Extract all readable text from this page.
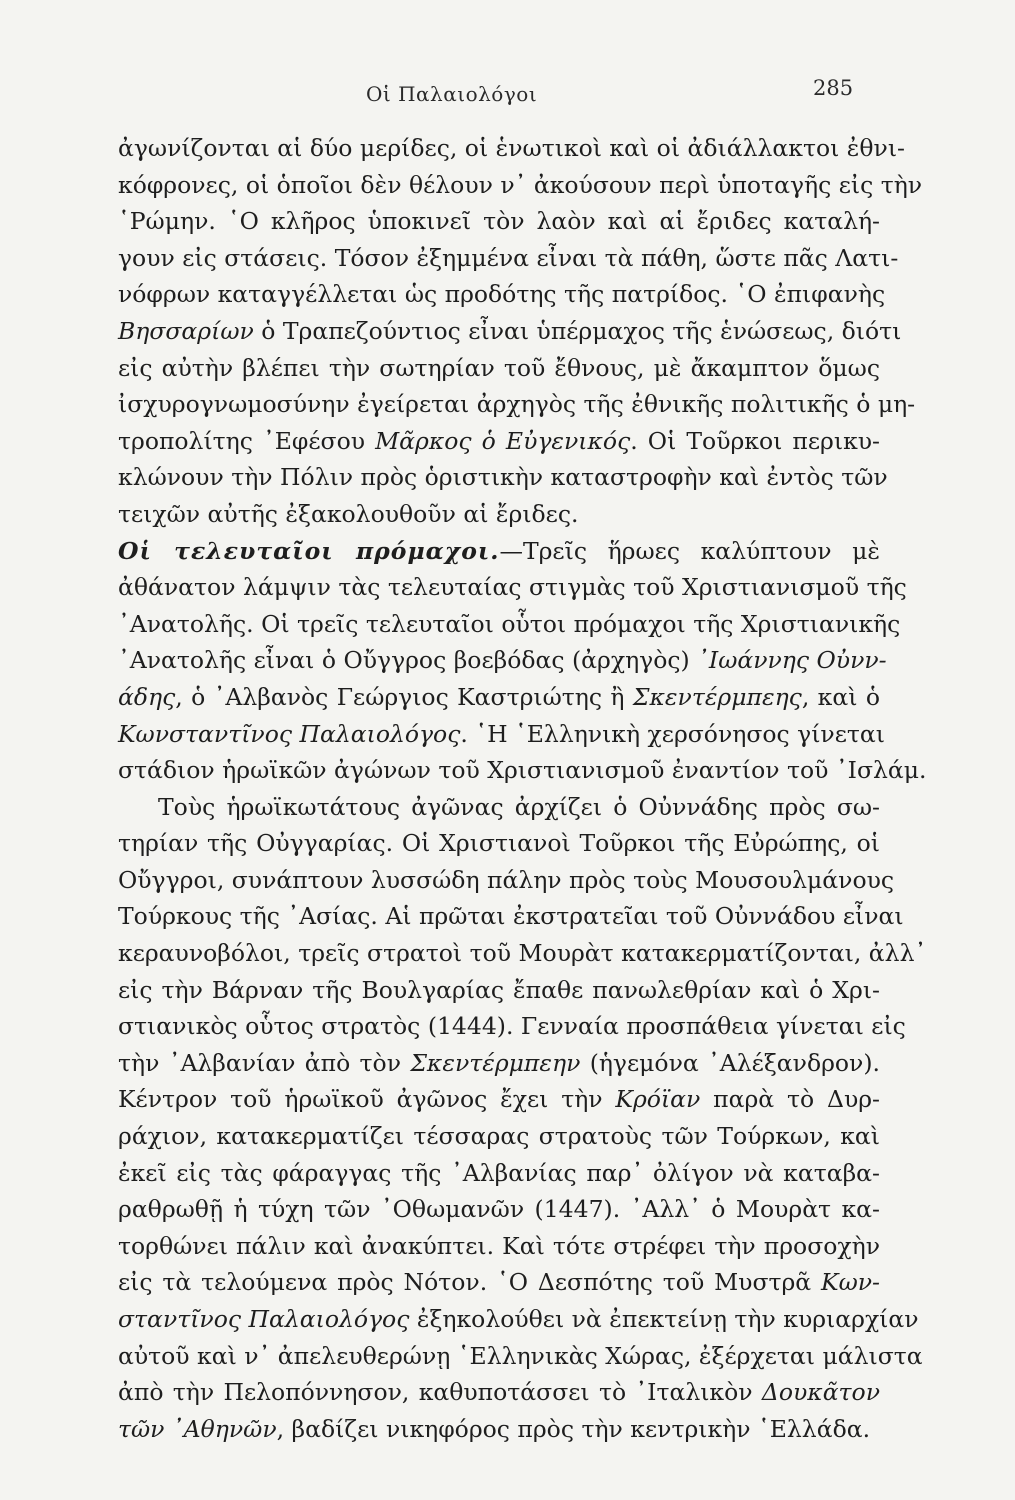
Οἱ Παλαιολόγοι	285
ἀγωνίζονται αἱ δύο μερίδες, οἱ ἑνωτικοὶ καὶ οἱ ἀδιάλλακτοι ἐθνι-
κόφρονες, οἱ ὁποῖοι δὲν θέλουν ν᾽ ἀκούσουν περὶ ὑποταγῆς εἰς τὴν
῾Ρώμην. ῾Ο κλῆρος ὑποκινεῖ τὸν λαὸν καὶ αἱ ἔριδες καταλή-
γουν εἰς στάσεις. Τόσον ἐξημμένα εἶναι τὰ πάθη, ὥστε πᾶς Λατι-
νόφρων καταγγέλλεται ὡς προδότης τῆς πατρίδος. ῾Ο ἐπιφανὴς
Βησσαρίων ὁ Τραπεζούντιος εἶναι ὑπέρμαχος τῆς ἑνώσεως, διότι
εἰς αὐτὴν βλέπει τὴν σωτηρίαν τοῦ ἔθνους, μὲ ἄκαμπτον ὅμως
ἰσχυρογνωμοσύνην ἐγείρεται ἀρχηγὸς τῆς ἐθνικῆς πολιτικῆς ὁ μη-
τροπολίτης ᾿Εφέσου Μᾶρκος ὁ Εὐγενικός. Οἱ Τοῦρκοι περικυ-
κλώνουν τὴν Πόλιν πρὸς ὁριστικὴν καταστροφὴν καὶ ἐντὸς τῶν
τειχῶν αὐτῆς ἐξακολουθοῦν αἱ ἔριδες.
Οἱ τελευταῖοι πρόμαχοι.—Τρεῖς ἥρωες καλύπτουν μὲ
ἀθάνατον λάμψιν τὰς τελευταίας στιγμὰς τοῦ Χριστιανισμοῦ τῆς
᾿Ανατολῆς. Οἱ τρεῖς τελευταῖοι οὗτοι πρόμαχοι τῆς Χριστιανικῆς
᾿Ανατολῆς εἶναι ὁ Οὔγγρος βοεβόδας (ἀρχηγὸς) ᾿Ιωάννης Οὐνν-
άδης, ὁ ᾿Αλβανὸς Γεώργιος Καστριώτης ἢ Σκεντέρμπεης, καὶ ὁ
Κωνσταντῖνος Παλαιολόγος. ῾Η ῾Ελληνικὴ χερσόνησος γίνεται
στάδιον ἡρωϊκῶν ἀγώνων τοῦ Χριστιανισμοῦ ἐναντίον τοῦ ᾿Ισλάμ.
Τοὺς ἡρωϊκωτάτους ἀγῶνας ἀρχίζει ὁ Οὐννάδης πρὸς σω-
τηρίαν τῆς Οὐγγαρίας. Οἱ Χριστιανοὶ Τοῦρκοι τῆς Εὐρώπης, οἱ
Οὔγγροι, συνάπτουν λυσσώδη πάλην πρὸς τοὺς Μουσουλμάνους
Τούρκους τῆς ᾿Ασίας. Αἱ πρῶται ἐκστρατεῖαι τοῦ Οὐννάδου εἶναι
κεραυνοβόλοι, τρεῖς στρατοὶ τοῦ Μουρὰτ κατακερματίζονται, ἀλλ᾽
εἰς τὴν Βάρναν τῆς Βουλγαρίας ἔπαθε πανωλεθρίαν καὶ ὁ Χρι-
στιανικὸς οὗτος στρατὸς (1444). Γενναία προσπάθεια γίνεται εἰς
τὴν ᾿Αλβανίαν ἀπὸ τὸν Σκεντέρμπεην (ἡγεμόνα ᾿Αλέξανδρον).
Κέντρον τοῦ ἡρωϊκοῦ ἀγῶνος ἔχει τὴν Κρόϊαν παρὰ τὸ Δυρ-
ράχιον, κατακερματίζει τέσσαρας στρατοὺς τῶν Τούρκων, καὶ
ἐκεῖ εἰς τὰς φάραγγας τῆς ᾿Αλβανίας παρ᾽ ὀλίγον νὰ καταβα-
ραθρωθῇ ἡ τύχη τῶν ᾿Οθωμανῶν (1447). ᾿Αλλ᾽ ὁ Μουρὰτ κα-
τορθώνει πάλιν καὶ ἀνακύπτει. Καὶ τότε στρέφει τὴν προσοχὴν
εἰς τὰ τελούμενα πρὸς Νότον. ῾Ο Δεσπότης τοῦ Μυστρᾶ Κων-
σταντῖνος Παλαιολόγος ἐξηκολούθει νὰ ἐπεκτείνῃ τὴν κυριαρχίαν
αὐτοῦ καὶ ν᾽ ἀπελευθερώνῃ ῾Ελληνικὰς Χώρας, ἐξέρχεται μάλιστα
ἀπὸ τὴν Πελοπόννησον, καθυποτάσσει τὸ ᾿Ιταλικὸν Δουκᾶτον
τῶν ᾿Αθηνῶν, βαδίζει νικηφόρος πρὸς τὴν κεντρικὴν ῾Ελλάδα.
